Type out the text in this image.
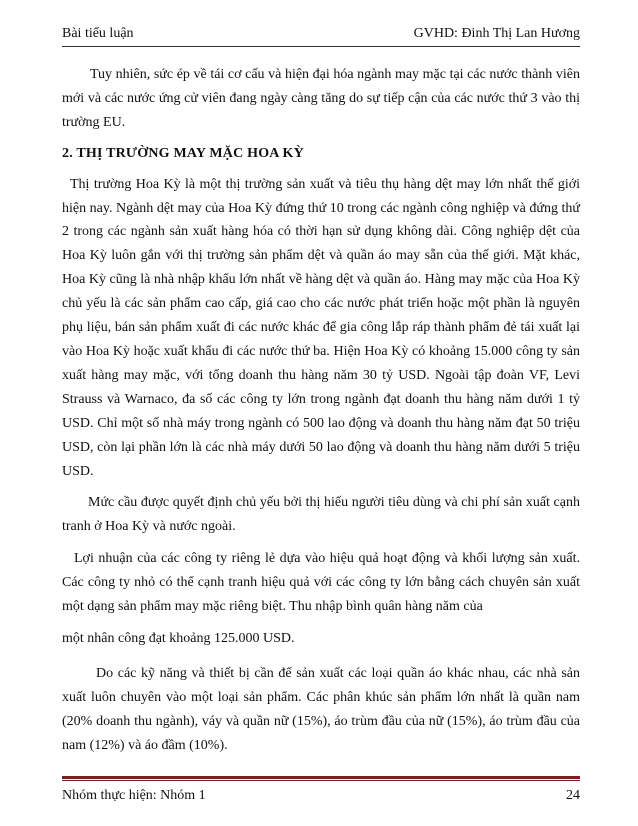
Bài tiểu luận	GVHD: Đinh Thị Lan Hương

Tuy nhiên, sức ép về tái cơ cấu và hiện đại hóa ngành may mặc tại các nước thành viên mới và các nước ứng cử viên đang ngày càng tăng do sự tiếp cận của các nước thứ 3 vào thị trường EU.

2. THỊ TRƯỜNG MAY MẶC HOA KỲ

Thị trường Hoa Kỳ là một thị trường sản xuất và tiêu thụ hàng dệt may lớn nhất thế giới hiện nay. Ngành dệt may của Hoa Kỳ đứng thứ 10 trong các ngành công nghiệp và đứng thứ 2 trong các ngành sản xuất hàng hóa có thời hạn sử dụng không dài. Công nghiệp dệt của Hoa Kỳ luôn gắn với thị trường sản phẩm dệt và quần áo may sẵn của thế giới. Mặt khác, Hoa Kỳ cũng là nhà nhập khẩu lớn nhất về hàng dệt và quần áo. Hàng may mặc của Hoa Kỳ chủ yếu là các sản phẩm cao cấp, giá cao cho các nước phát triển hoặc một phần là nguyên phụ liệu, bán sản phẩm xuất đi các nước khác để gia công lắp ráp thành phẩm đẻ tái xuất lại vào Hoa Kỳ hoặc xuất khẩu đi các nước thứ ba. Hiện Hoa Kỳ có khoảng 15.000 công ty sản xuất hàng may mặc, với tổng doanh thu hàng năm 30 tỷ USD. Ngoài tập đoàn VF, Levi Strauss và Warnaco, đa số các công ty lớn trong ngành đạt doanh thu hàng năm dưới 1 tỷ USD. Chỉ một số nhà máy trong ngành có 500 lao động và doanh thu hàng năm đạt 50 triệu USD, còn lại phần lớn là các nhà máy dưới 50 lao động và doanh thu hàng năm dưới 5 triệu USD.

Mức cầu được quyết định chủ yếu bởi thị hiếu người tiêu dùng và chi phí sản xuất cạnh tranh ở Hoa Kỳ và nước ngoài.

Lợi nhuận của các công ty riêng lẻ dựa vào hiệu quả hoạt động và khối lượng sản xuất. Các công ty nhỏ có thể cạnh tranh hiệu quả với các công ty lớn bằng cách chuyên sản xuất một dạng sản phẩm may mặc riêng biệt. Thu nhập bình quân hàng năm của

một nhân công đạt khoảng 125.000 USD.

Do các kỹ năng và thiết bị cần để sản xuất các loại quần áo khác nhau, các nhà sản xuất luôn chuyên vào một loại sản phẩm. Các phân khúc sản phẩm lớn nhất là quần nam (20% doanh thu ngành), váy và quần nữ (15%), áo trùm đầu của nữ (15%), áo trùm đầu của nam (12%) và áo đầm (10%).

Nhóm thực hiện: Nhóm 1	24
